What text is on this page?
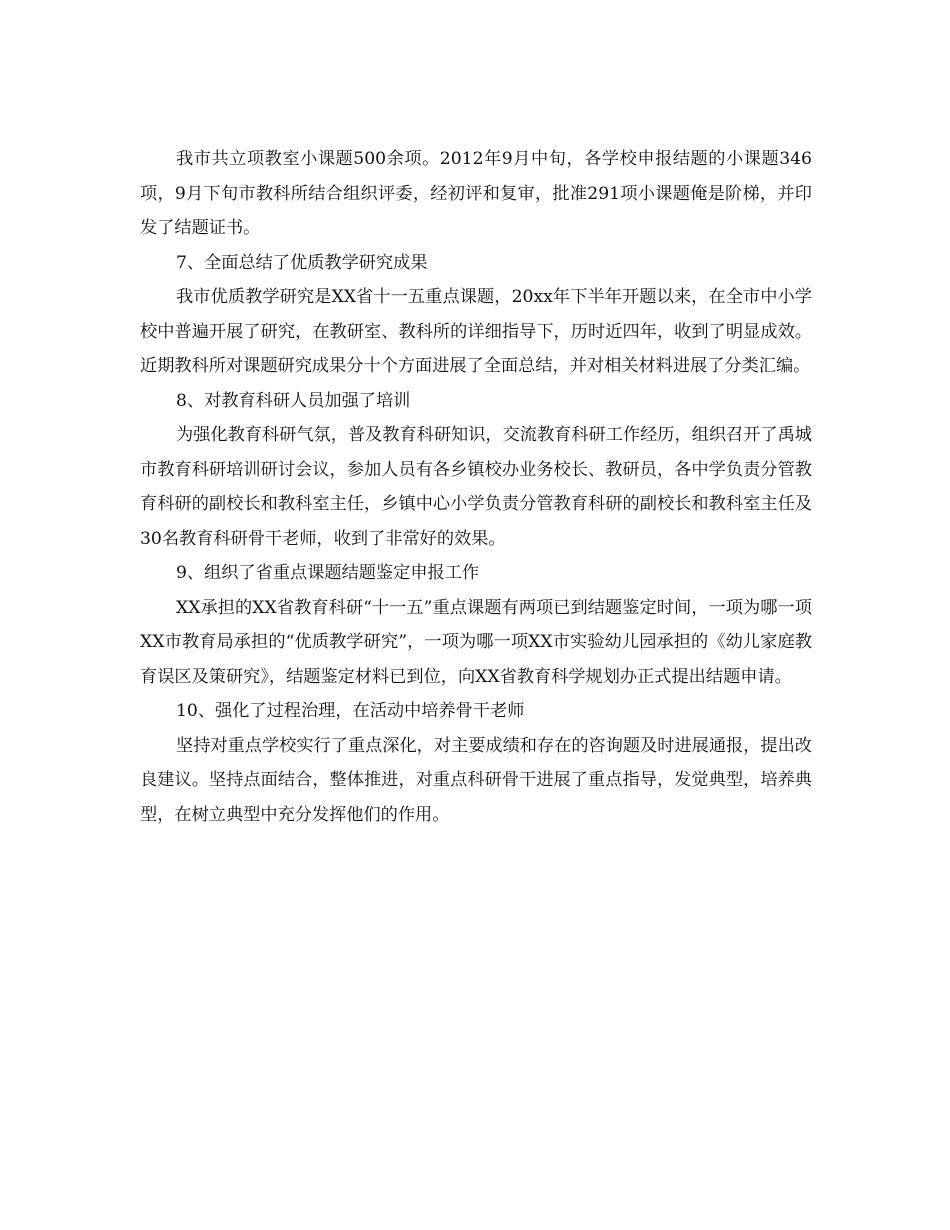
我市共立项教室小课题500余项。2012年9月中旬，各学校申报结题的小课题346项，9月下旬市教科所结合组织评委，经初评和复审，批准291项小课题俺是阶梯，并印发了结题证书。

7、全面总结了优质教学研究成果

我市优质教学研究是XX省十一五重点课题，20xx年下半年开题以来，在全市中小学校中普遍开展了研究，在教研室、教科所的详细指导下，历时近四年，收到了明显成效。近期教科所对课题研究成果分十个方面进展了全面总结，并对相关材料进展了分类汇编。

8、对教育科研人员加强了培训

为强化教育科研气氛，普及教育科研知识，交流教育科研工作经历，组织召开了禹城市教育科研培训研讨会议，参加人员有各乡镇校办业务校长、教研员，各中学负责分管教育科研的副校长和教科室主任，乡镇中心小学负责分管教育科研的副校长和教科室主任及30名教育科研骨干老师，收到了非常好的效果。

9、组织了省重点课题结题鉴定申报工作

XX承担的XX省教育科研“十一五”重点课题有两项已到结题鉴定时间，一项为哪一项XX市教育局承担的“优质教学研究”，一项为哪一项XX市实验幼儿园承担的《幼儿家庭教育误区及策研究》，结题鉴定材料已到位，向XX省教育科学规划办正式提出结题申请。

10、强化了过程治理，在活动中培养骨干老师

坚持对重点学校实行了重点深化，对主要成绩和存在的咨询题及时进展通报，提出改良建议。坚持点面结合，整体推进，对重点科研骨干进展了重点指导，发觉典型，培养典型，在树立典型中充分发挥他们的作用。
